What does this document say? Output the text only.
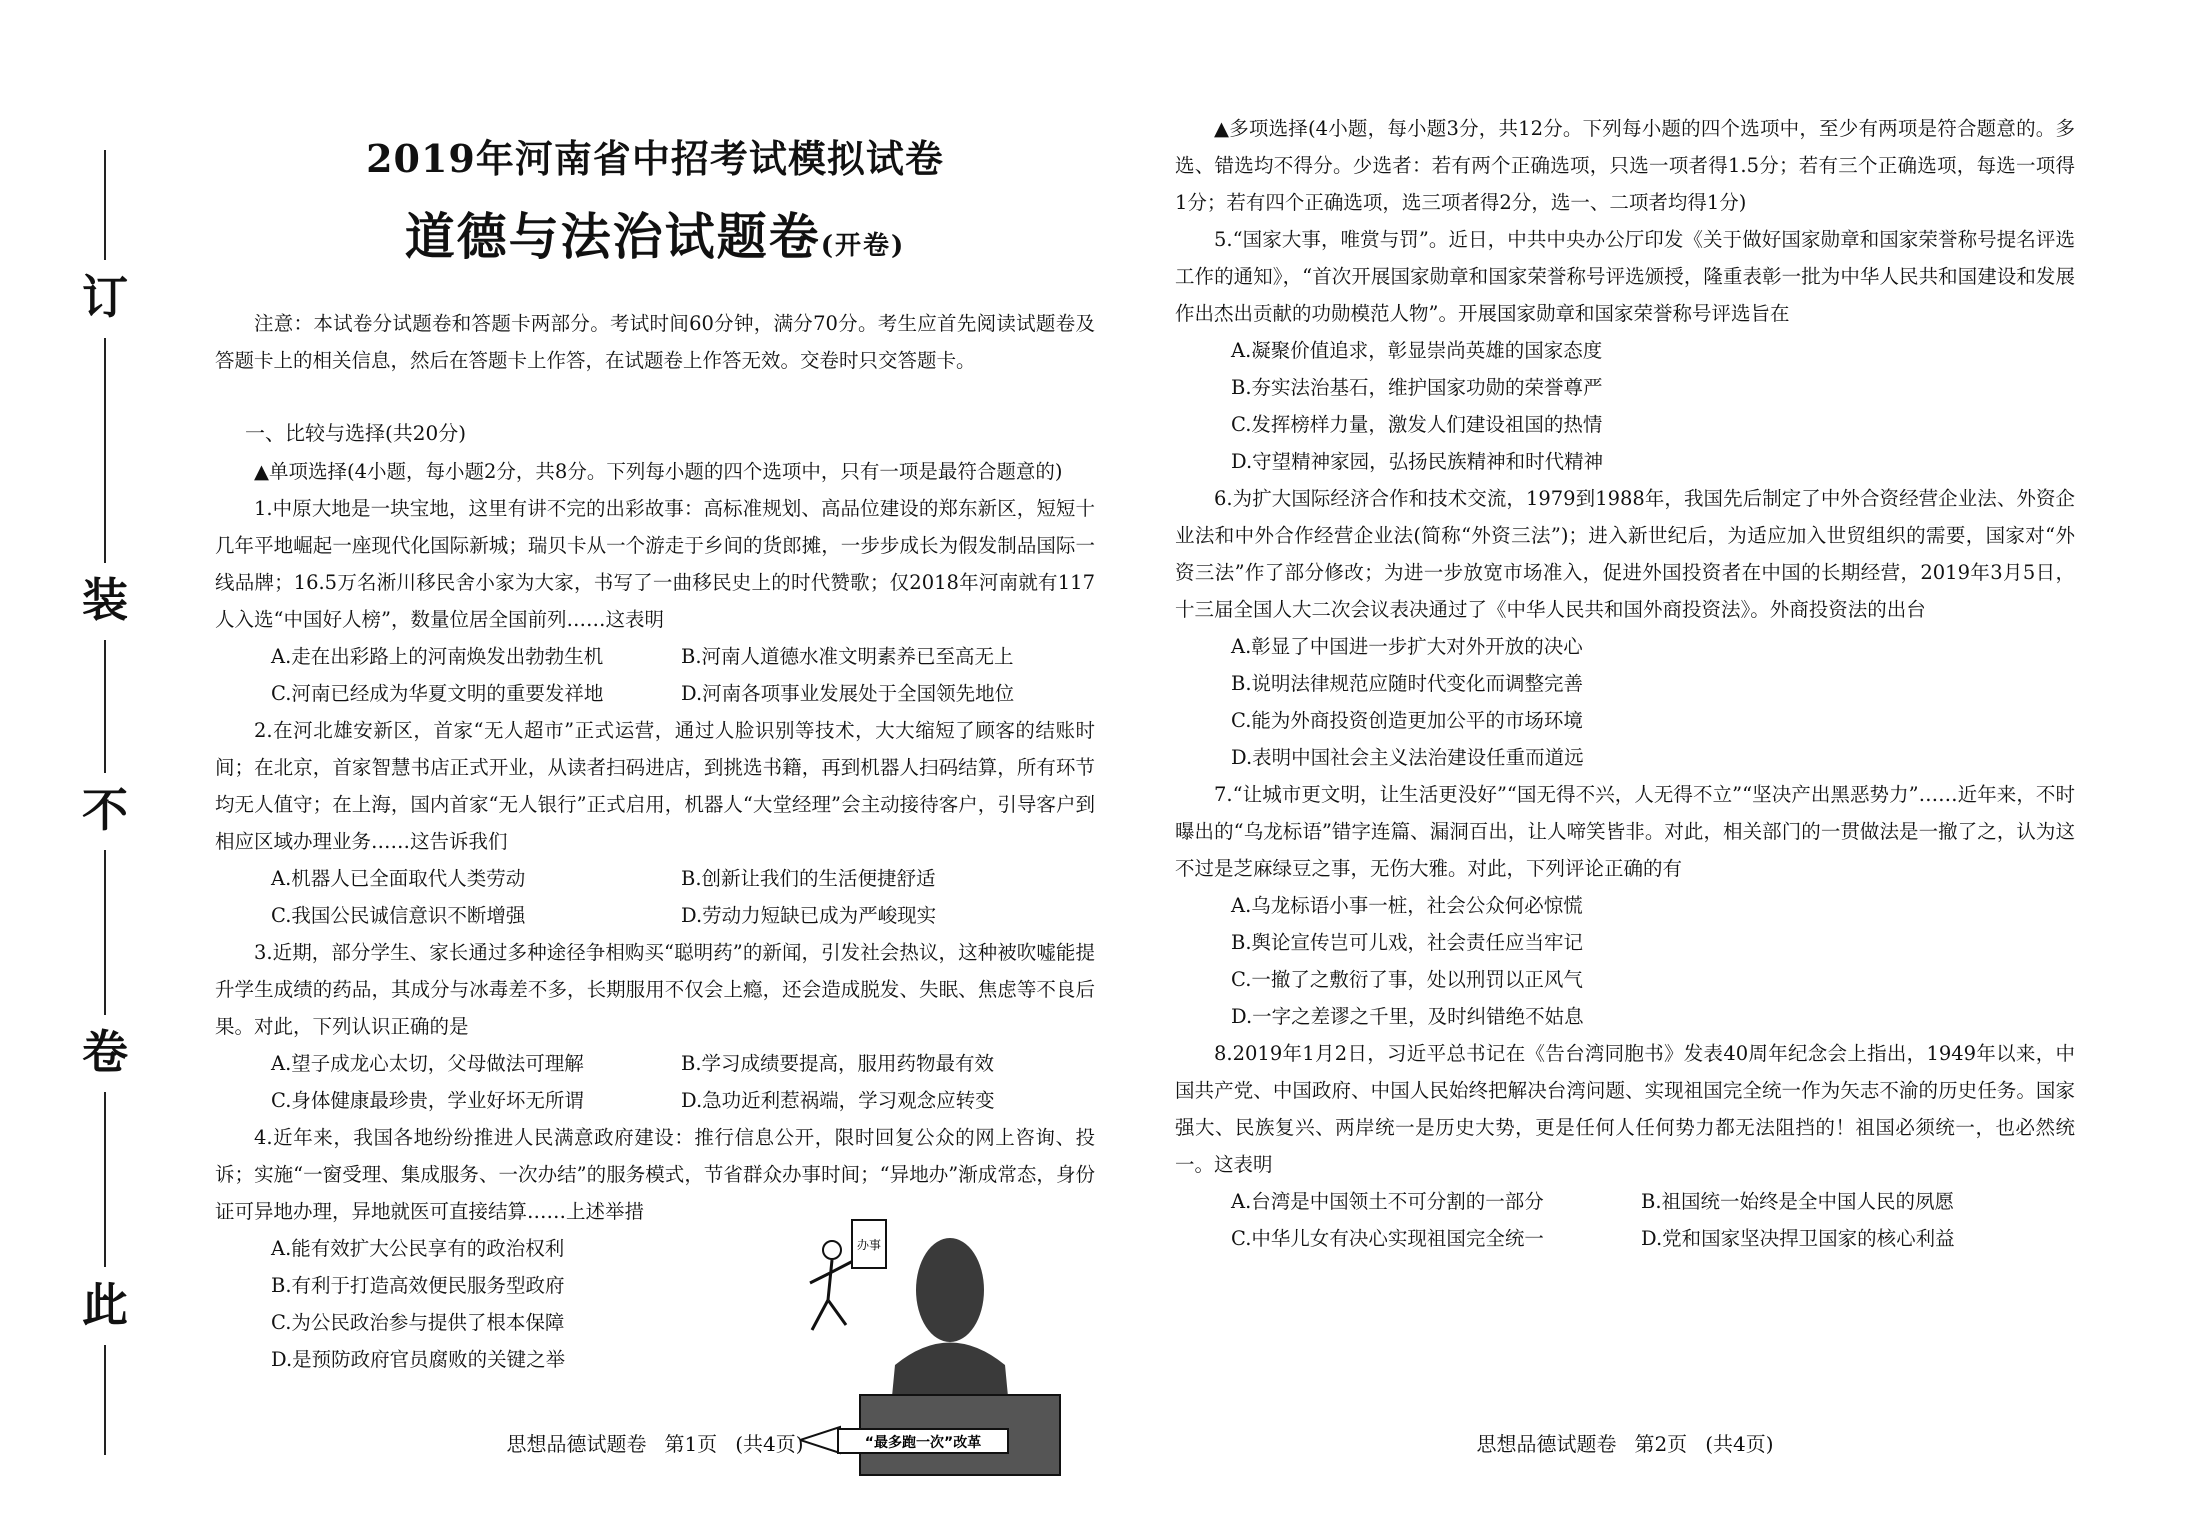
订
装
不
卷
此
2019年河南省中招考试模拟试卷
道德与法治试题卷(开卷)

注意：本试卷分试题卷和答题卡两部分。考试时间60分钟，满分70分。考生应首先阅读试题卷及答题卡上的相关信息，然后在答题卡上作答，在试题卷上作答无效。交卷时只交答题卡。

一、比较与选择(共20分)

▲单项选择(4小题，每小题2分，共8分。下列每小题的四个选项中，只有一项是最符合题意的)

1.中原大地是一块宝地，这里有讲不完的出彩故事：高标准规划、高品位建设的郑东新区，短短十几年平地崛起一座现代化国际新城；瑞贝卡从一个游走于乡间的货郎摊，一步步成长为假发制品国际一线品牌；16.5万名淅川移民舍小家为大家，书写了一曲移民史上的时代赞歌；仅2018年河南就有117人入选“中国好人榜”，数量位居全国前列……这表明

A.走在出彩路上的河南焕发出勃勃生机	B.河南人道德水准文明素养已至高无上
C.河南已经成为华夏文明的重要发祥地	D.河南各项事业发展处于全国领先地位

2.在河北雄安新区，首家“无人超市”正式运营，通过人脸识别等技术，大大缩短了顾客的结账时间；在北京，首家智慧书店正式开业，从读者扫码进店，到挑选书籍，再到机器人扫码结算，所有环节均无人值守；在上海，国内首家“无人银行”正式启用，机器人“大堂经理”会主动接待客户，引导客户到相应区域办理业务……这告诉我们

A.机器人已全面取代人类劳动	B.创新让我们的生活便捷舒适
C.我国公民诚信意识不断增强	D.劳动力短缺已成为严峻现实

3.近期，部分学生、家长通过多种途径争相购买“聪明药”的新闻，引发社会热议，这种被吹嘘能提升学生成绩的药品，其成分与冰毒差不多，长期服用不仅会上瘾，还会造成脱发、失眠、焦虑等不良后果。对此，下列认识正确的是

A.望子成龙心太切，父母做法可理解	B.学习成绩要提高，服用药物最有效
C.身体健康最珍贵，学业好坏无所谓	D.急功近利惹祸端，学习观念应转变

4.近年来，我国各地纷纷推进人民满意政府建设：推行信息公开，限时回复公众的网上咨询、投诉；实施“一窗受理、集成服务、一次办结”的服务模式，节省群众办事时间；“异地办”渐成常态，身份证可异地办理，异地就医可直接结算……上述举措

A.能有效扩大公民享有的政治权利
B.有利于打造高效便民服务型政府
C.为公民政治参与提供了根本保障
D.是预防政府官员腐败的关键之举
办事
“最多跑一次”改革
思想品德试题卷 第1页 (共4页)

▲多项选择(4小题，每小题3分，共12分。下列每小题的四个选项中，至少有两项是符合题意的。多选、错选均不得分。少选者：若有两个正确选项，只选一项者得1.5分；若有三个正确选项，每选一项得1分；若有四个正确选项，选三项者得2分，选一、二项者均得1分)

5.“国家大事，唯赏与罚”。近日，中共中央办公厅印发《关于做好国家勋章和国家荣誉称号提名评选工作的通知》，“首次开展国家勋章和国家荣誉称号评选颁授，隆重表彰一批为中华人民共和国建设和发展作出杰出贡献的功勋模范人物”。开展国家勋章和国家荣誉称号评选旨在

A.凝聚价值追求，彰显崇尚英雄的国家态度
B.夯实法治基石，维护国家功勋的荣誉尊严
C.发挥榜样力量，激发人们建设祖国的热情
D.守望精神家园，弘扬民族精神和时代精神

6.为扩大国际经济合作和技术交流，1979到1988年，我国先后制定了中外合资经营企业法、外资企业法和中外合作经营企业法(简称“外资三法”)；进入新世纪后，为适应加入世贸组织的需要，国家对“外资三法”作了部分修改；为进一步放宽市场准入，促进外国投资者在中国的长期经营，2019年3月5日，十三届全国人大二次会议表决通过了《中华人民共和国外商投资法》。外商投资法的出台

A.彰显了中国进一步扩大对外开放的决心
B.说明法律规范应随时代变化而调整完善
C.能为外商投资创造更加公平的市场环境
D.表明中国社会主义法治建设任重而道远

7.“让城市更文明，让生活更没好”“国无得不兴，人无得不立”“坚决产出黑恶势力”……近年来，不时曝出的“乌龙标语”错字连篇、漏洞百出，让人啼笑皆非。对此，相关部门的一贯做法是一撤了之，认为这不过是芝麻绿豆之事，无伤大雅。对此，下列评论正确的有

A.乌龙标语小事一桩，社会公众何必惊慌
B.舆论宣传岂可儿戏，社会责任应当牢记
C.一撤了之敷衍了事，处以刑罚以正风气
D.一字之差谬之千里，及时纠错绝不姑息

8.2019年1月2日，习近平总书记在《告台湾同胞书》发表40周年纪念会上指出，1949年以来，中国共产党、中国政府、中国人民始终把解决台湾问题、实现祖国完全统一作为矢志不渝的历史任务。国家强大、民族复兴、两岸统一是历史大势，更是任何人任何势力都无法阻挡的！祖国必须统一，也必然统一。这表明

A.台湾是中国领土不可分割的一部分	B.祖国统一始终是全中国人民的夙愿
C.中华儿女有决心实现祖国完全统一	D.党和国家坚决捍卫国家的核心利益
思想品德试题卷 第2页 (共4页)
